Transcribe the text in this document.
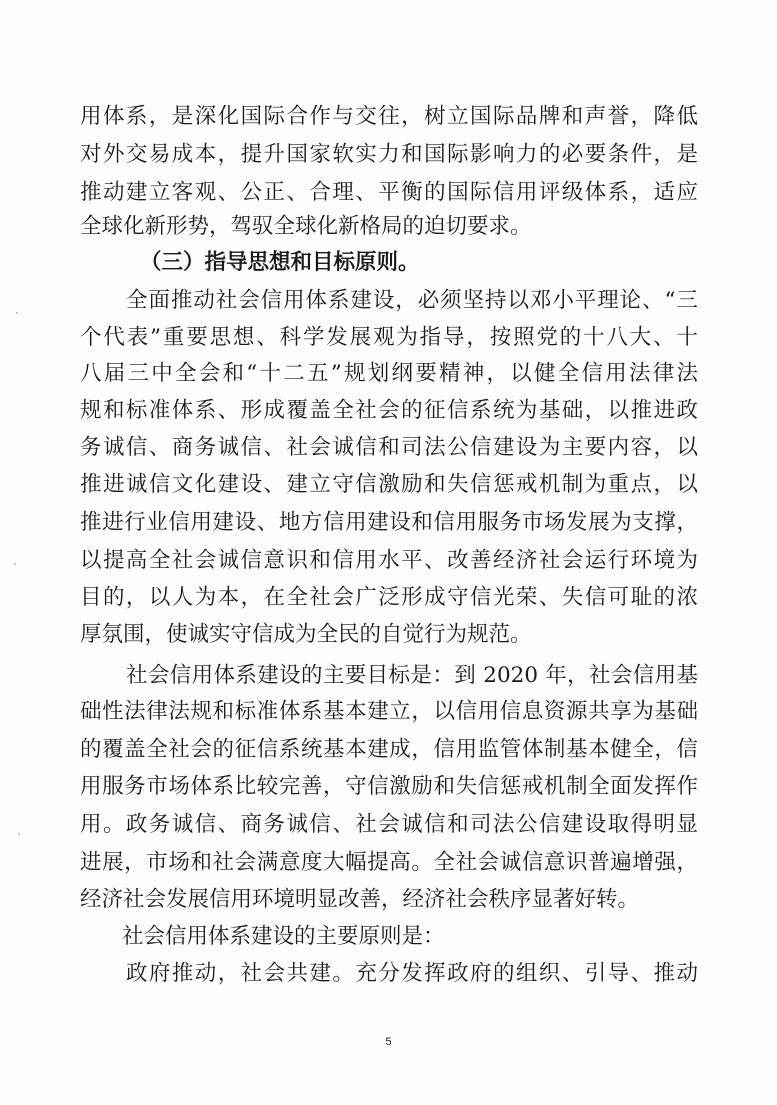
用体系，是深化国际合作与交往，树立国际品牌和声誉，降低
对外交易成本，提升国家软实力和国际影响力的必要条件，是
推动建立客观、公正、合理、平衡的国际信用评级体系，适应
全球化新形势，驾驭全球化新格局的迫切要求。
（三）指导思想和目标原则。
全面推动社会信用体系建设，必须坚持以邓小平理论、“三
个代表”重要思想、科学发展观为指导，按照党的十八大、十
八届三中全会和“十二五”规划纲要精神，以健全信用法律法
规和标准体系、形成覆盖全社会的征信系统为基础，以推进政
务诚信、商务诚信、社会诚信和司法公信建设为主要内容，以
推进诚信文化建设、建立守信激励和失信惩戒机制为重点，以
推进行业信用建设、地方信用建设和信用服务市场发展为支撑，
以提高全社会诚信意识和信用水平、改善经济社会运行环境为
目的，以人为本，在全社会广泛形成守信光荣、失信可耻的浓
厚氛围，使诚实守信成为全民的自觉行为规范。
社会信用体系建设的主要目标是：到 2020 年，社会信用基
础性法律法规和标准体系基本建立，以信用信息资源共享为基础
的覆盖全社会的征信系统基本建成，信用监管体制基本健全，信
用服务市场体系比较完善，守信激励和失信惩戒机制全面发挥作
用。政务诚信、商务诚信、社会诚信和司法公信建设取得明显
进展，市场和社会满意度大幅提高。全社会诚信意识普遍增强，
经济社会发展信用环境明显改善，经济社会秩序显著好转。
社会信用体系建设的主要原则是：
政府推动，社会共建。充分发挥政府的组织、引导、推动
5
